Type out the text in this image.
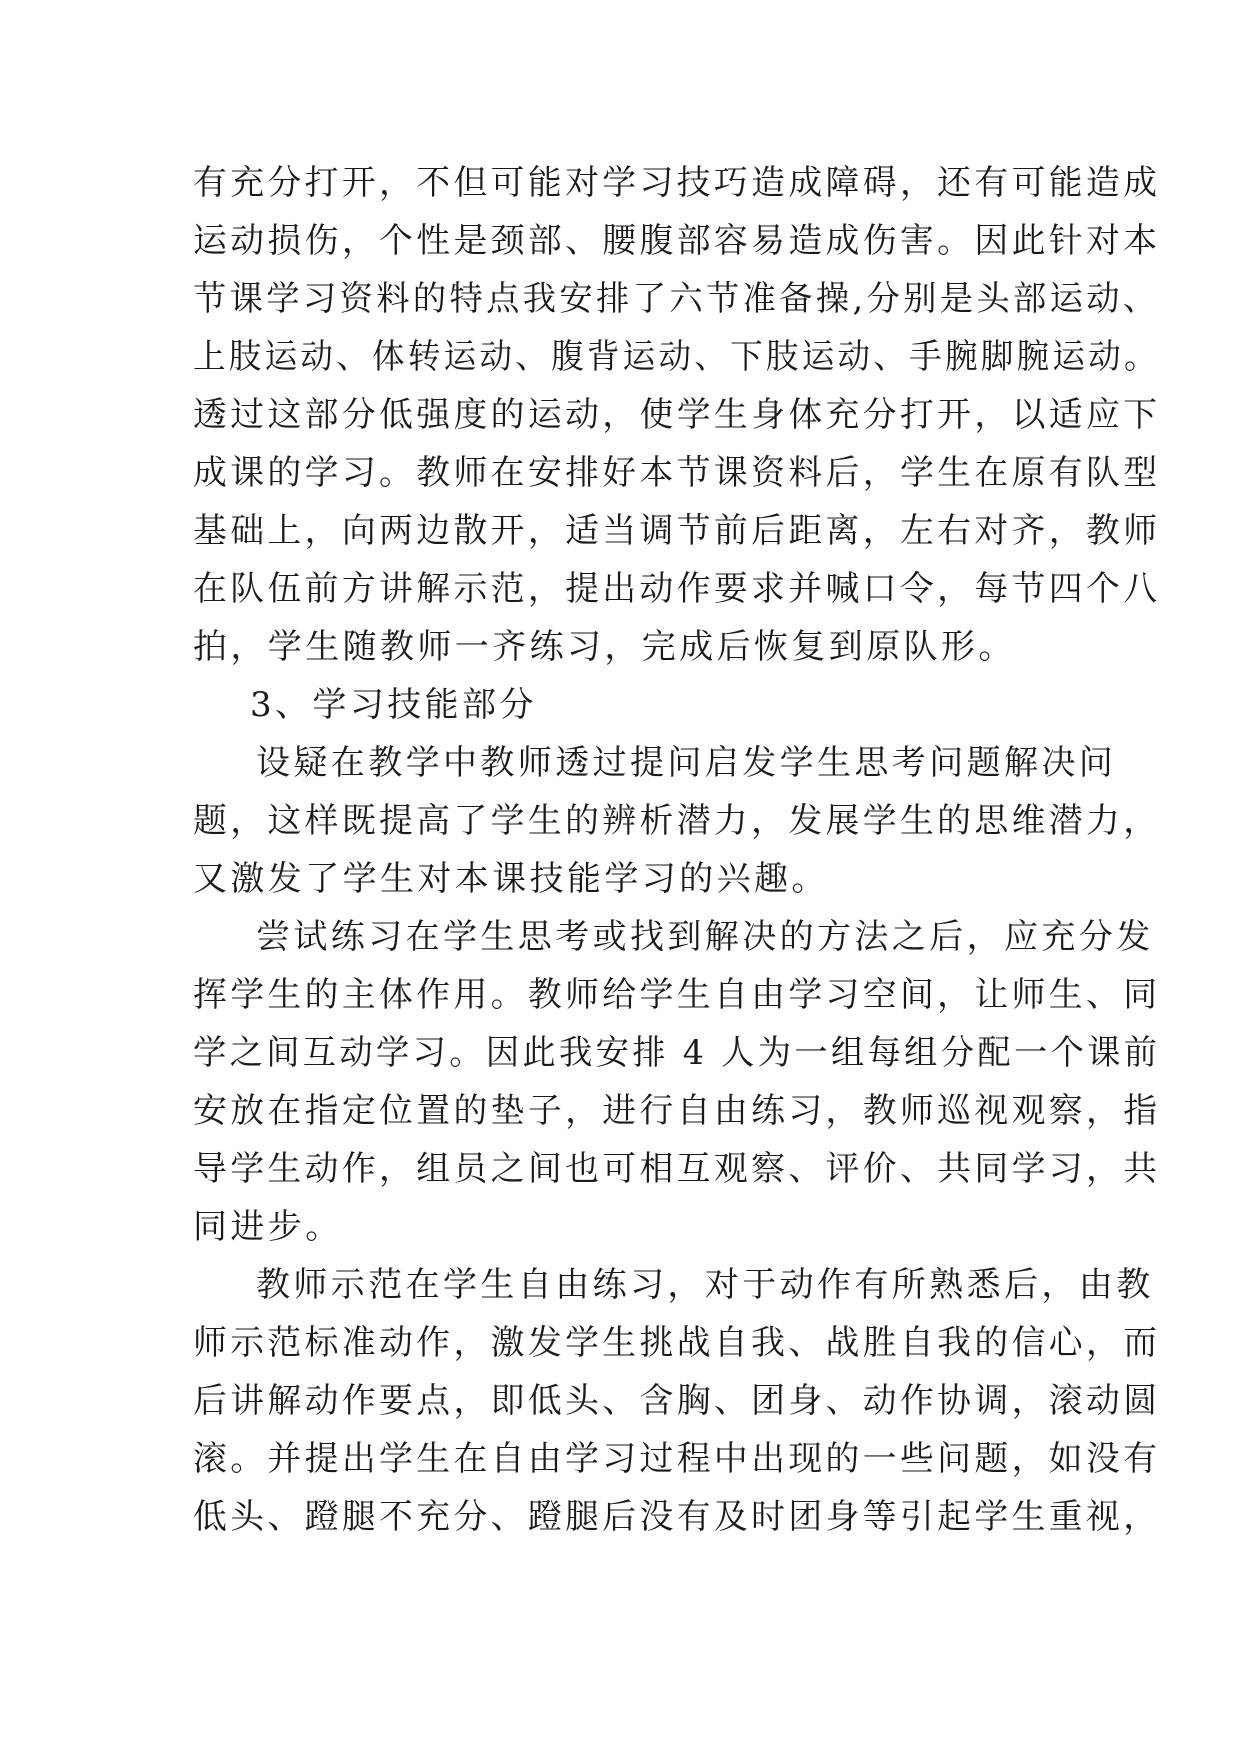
有充分打开，不但可能对学习技巧造成障碍，还有可能造成
运动损伤，个性是颈部、腰腹部容易造成伤害。因此针对本
节课学习资料的特点我安排了六节准备操,分别是头部运动、
上肢运动、体转运动、腹背运动、下肢运动、手腕脚腕运动。
透过这部分低强度的运动，使学生身体充分打开，以适应下
成课的学习。教师在安排好本节课资料后，学生在原有队型
基础上，向两边散开，适当调节前后距离，左右对齐，教师
在队伍前方讲解示范，提出动作要求并喊口令，每节四个八
拍，学生随教师一齐练习，完成后恢复到原队形。
3、学习技能部分
设疑在教学中教师透过提问启发学生思考问题解决问
题，这样既提高了学生的辨析潜力，发展学生的思维潜力，
又激发了学生对本课技能学习的兴趣。
尝试练习在学生思考或找到解决的方法之后，应充分发
挥学生的主体作用。教师给学生自由学习空间，让师生、同
学之间互动学习。因此我安排 4 人为一组每组分配一个课前
安放在指定位置的垫子，进行自由练习，教师巡视观察，指
导学生动作，组员之间也可相互观察、评价、共同学习，共
同进步。
教师示范在学生自由练习，对于动作有所熟悉后，由教
师示范标准动作，激发学生挑战自我、战胜自我的信心，而
后讲解动作要点，即低头、含胸、团身、动作协调，滚动圆
滚。并提出学生在自由学习过程中出现的一些问题，如没有
低头、蹬腿不充分、蹬腿后没有及时团身等引起学生重视，
